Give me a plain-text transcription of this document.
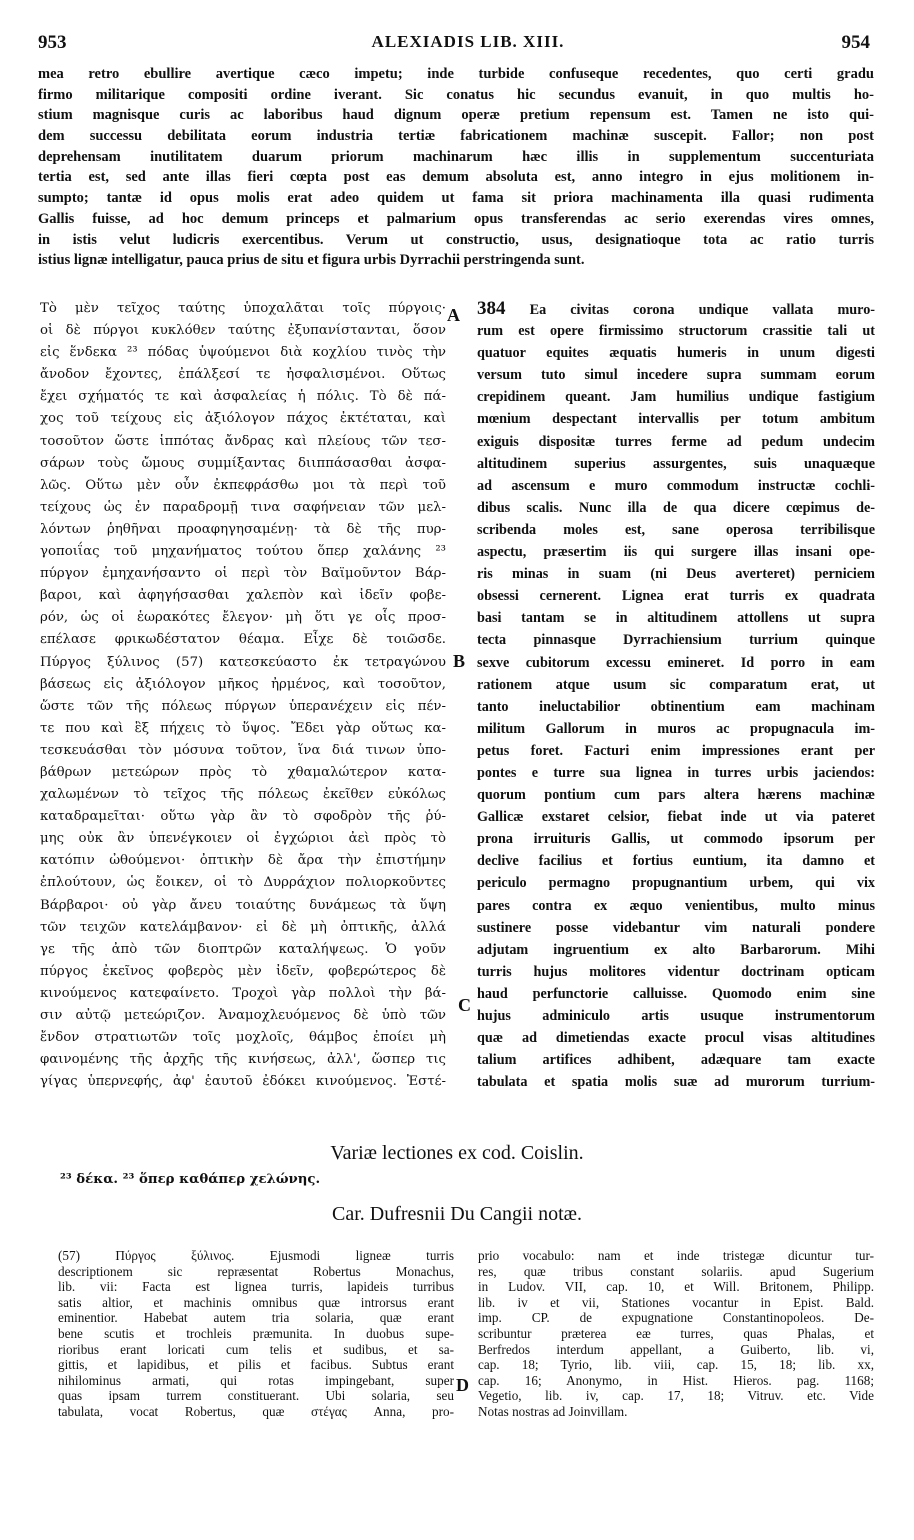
953	ALEXIADIS LIB. XIII.	954
mea retro ebullire avertique cæco impetu; inde turbide confuseque recedentes, quo certi gradu
firmo militarique compositi ordine iverant. Sic conatus hic secundus evanuit, in quo multis ho-
stium magnisque curis ac laboribus haud dignum operæ pretium repensum est. Tamen ne isto qui-
dem successu debilitata eorum industria tertiæ fabricationem machinæ suscepit. Fallor; non post
deprehensam inutilitatem duarum priorum machinarum hæc illis in supplementum succenturiata
tertia est, sed ante illas fieri cœpta post eas demum absoluta est, anno integro in ejus molitionem in-
sumpto; tantæ id opus molis erat adeo quidem ut fama sit priora machinamenta illa quasi rudimenta
Gallis fuisse, ad hoc demum princeps et palmarium opus transferendas ac serio exerendas vires omnes,
in istis velut ludicris exercentibus. Verum ut constructio, usus, designatioque tota ac ratio turris
istius lignæ intelligatur, pauca prius de situ et figura urbis Dyrrachii perstringenda sunt.
Τὸ μὲν τεῖχος ταύτης ὑποχαλᾶται τοῖς πύργοις·
οἱ δὲ πύργοι κυκλόθεν ταύτης ἐξυπανίστανται, ὅσον
εἰς ἕνδεκα ²³ πόδας ὑψούμενοι διὰ κοχλίου τινὸς τὴν
ἄνοδον ἔχοντες, ἐπάλξεσί τε ἠσφαλισμένοι. Οὕτως
ἔχει σχήματός τε καὶ ἀσφαλείας ἡ πόλις. Τὸ δὲ πά-
χος τοῦ τείχους εἰς ἀξιόλογον πάχος ἐκτέταται, καὶ
τοσοῦτον ὥστε ἱππότας ἄνδρας καὶ πλείους τῶν τεσ-
σάρων τοὺς ὤμους συμμίξαντας διιππάσασθαι ἀσφα-
λῶς. Οὕτω μὲν οὖν ἐκπεφράσθω μοι τὰ περὶ τοῦ
τείχους ὡς ἐν παραδρομῇ τινα σαφήνειαν τῶν μελ-
λόντων ῥηθῆναι προαφηγησαμένῃ· τὰ δὲ τῆς πυρ-
γοποιΐας τοῦ μηχανήματος τούτου ὅπερ χαλάνης ²³
πύργον ἐμηχανήσαντο οἱ περὶ τὸν Βαϊμοῦντον Βάρ-
βαροι, καὶ ἀφηγήσασθαι χαλεπὸν καὶ ἰδεῖν φοβε-
ρόν, ὡς οἱ ἑωρακότες ἔλεγον· μὴ ὅτι γε οἷς προσ-
επέλασε φρικωδέστατον θέαμα. Εἶχε δὲ τοιῶσδε.
Πύργος ξύλινος (57) κατεσκεύαστο ἐκ τετραγώνου
βάσεως εἰς ἀξιόλογον μῆκος ἠρμένος, καὶ τοσοῦτον,
ὥστε τῶν τῆς πόλεως πύργων ὑπερανέχειν εἰς πέν-
τε που καὶ ἓξ πήχεις τὸ ὕψος. Ἔδει γὰρ οὕτως κα-
τεσκευάσθαι τὸν μόσυνα τοῦτον, ἵνα διά τινων ὑπο-
βάθρων μετεώρων πρὸς τὸ χθαμαλώτερον κατα-
χαλωμένων τὸ τεῖχος τῆς πόλεως ἐκεῖθεν εὐκόλως
καταδραμεῖται· οὕτω γὰρ ἂν τὸ σφοδρὸν τῆς ῥύ-
μης οὐκ ἂν ὑπενέγκοιεν οἱ ἐγχώριοι ἀεὶ πρὸς τὸ
κατόπιν ὠθούμενοι· ὀπτικὴν δὲ ἄρα τὴν ἐπιστήμην
ἐπλούτουν, ὡς ἔοικεν, οἱ τὸ Δυρράχιον πολιορκοῦντες
Βάρβαροι· οὐ γὰρ ἄνευ τοιαύτης δυνάμεως τὰ ὕψη
τῶν τειχῶν κατελάμβανον· εἰ δὲ μὴ ὀπτικῆς, ἀλλά
γε τῆς ἀπὸ τῶν διοπτρῶν καταλήψεως. Ὁ γοῦν
πύργος ἐκεῖνος φοβερὸς μὲν ἰδεῖν, φοβερώτερος δὲ
κινούμενος κατεφαίνετο. Τροχοὶ γὰρ πολλοὶ τὴν βά-
σιν αὐτῷ μετεώριζον. Ἀναμοχλευόμενος δὲ ὑπὸ τῶν
ἔνδον στρατιωτῶν τοῖς μοχλοῖς, θάμβος ἐποίει μὴ
φαινομένης τῆς ἀρχῆς τῆς κινήσεως, ἀλλ', ὥσπερ τις
γίγας ὑπερνεφής, ἀφ' ἑαυτοῦ ἐδόκει κινούμενος. Ἐστέ-
384 Ea civitas corona undique vallata muro-
rum est opere firmissimo structorum crassitie tali ut
quatuor equites æquatis humeris in unum digesti
versum tuto simul incedere supra summam eorum
crepidinem queant. Jam humilius undique fastigium
mœnium despectant intervallis per totum ambitum
exiguis dispositæ turres ferme ad pedum undecim
altitudinem superius assurgentes, suis unaquæque
ad ascensum e muro commodum instructæ cochli-
dibus scalis. Nunc illa de qua dicere cœpimus de-
scribenda moles est, sane operosa terribilisque
aspectu, præsertim iis qui surgere illas insani ope-
ris minas in suam (ni Deus averteret) perniciem
obsessi cernerent. Lignea erat turris ex quadrata
basi tantam se in altitudinem attollens ut supra
tecta pinnasque Dyrrachiensium turrium quinque
sexve cubitorum excessu emineret. Id porro in eam
rationem atque usum sic comparatum erat, ut
tanto ineluctabilior obtinentium eam machinam
militum Gallorum in muros ac propugnacula im-
petus foret. Facturi enim impressiones erant per
pontes e turre sua lignea in turres urbis jaciendos:
quorum pontium cum pars altera hærens machinæ
Gallicæ exstaret celsior, fiebat inde ut via pateret
prona irruituris Gallis, ut commodo ipsorum per
declive facilius et fortius euntium, ita damno et
periculo permagno propugnantium urbem, qui vix
pares contra ex æquo venientibus, multo minus
sustinere posse videbantur vim naturali pondere
adjutam ingruentium ex alto Barbarorum. Mihi
turris hujus molitores videntur doctrinam opticam
haud perfunctorie calluisse. Quomodo enim sine
hujus adminiculo artis usuque instrumentorum
quæ ad dimetiendas exacte procul visas altitudines
talium artifices adhibent, adæquare tam exacte
tabulata et spatia molis suæ ad murorum turrium-
A
B
C
Variæ lectiones ex cod. Coislin.
²³ δέκα. ²³ ὅπερ καθάπερ χελώνης.
Car. Dufresnii Du Cangii notæ.
(57) Πύργος ξύλινος. Ejusmodi ligneæ turris
descriptionem sic repræsentat Robertus Monachus,
lib. vii: Facta est lignea turris, lapideis turribus
satis altior, et machinis omnibus quæ introrsus erant
eminentior. Habebat autem tria solaria, quæ erant
bene scutis et trochleis præmunita. In duobus supe-
rioribus erant loricati cum telis et sudibus, et sa-
gittis, et lapidibus, et pilis et facibus. Subtus erant
nihilominus armati, qui rotas impingebant, super
quas ipsam turrem constituerant. Ubi solaria, seu
tabulata, vocat Robertus, quæ στέγας Anna, pro-
prio vocabulo: nam et inde tristegæ dicuntur tur-
res, quæ tribus constant solariis. apud Sugerium
in Ludov. VII, cap. 10, et Will. Britonem, Philipp.
lib. iv et vii, Stationes vocantur in Epist. Bald.
imp. CP. de expugnatione Constantinopoleos. De-
scribuntur præterea eæ turres, quas Phalas, et
Berfredos interdum appellant, a Guiberto, lib. vi,
cap. 18; Tyrio, lib. viii, cap. 15, 18; lib. xx,
cap. 16; Anonymo, in Hist. Hieros. pag. 1168;
Vegetio, lib. iv, cap. 17, 18; Vitruv. etc. Vide
Notas nostras ad Joinvillam.
D
